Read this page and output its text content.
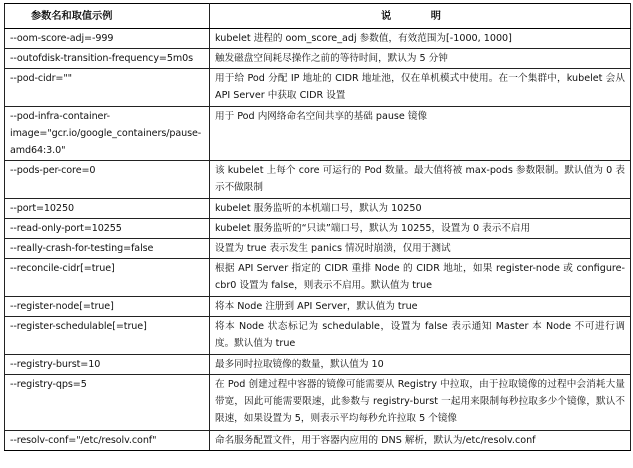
参数名和取值示例	说 明
--oom-score-adj=-999	kubelet 进程的 oom_score_adj 参数值，有效范围为[-1000, 1000]
--outofdisk-transition-frequency=5m0s	触发磁盘空间耗尽操作之前的等待时间，默认为 5 分钟
--pod-cidr=""	用于给 Pod 分配 IP 地址的 CIDR 地址池，仅在单机模式中使用。在一个集群中，kubelet 会从 API Server 中获取 CIDR 设置
--pod-infra-container-image="gcr.io/google_containers/pause-amd64:3.0"	用于 Pod 内网络命名空间共享的基础 pause 镜像
--pods-per-core=0	该 kubelet 上每个 core 可运行的 Pod 数量。最大值将被 max-pods 参数限制。默认值为 0 表示不做限制
--port=10250	kubelet 服务监听的本机端口号，默认为 10250
--read-only-port=10255	kubelet 服务监听的“只读”端口号，默认为 10255，设置为 0 表示不启用
--really-crash-for-testing=false	设置为 true 表示发生 panics 情况时崩溃，仅用于测试
--reconcile-cidr[=true]	根据 API Server 指定的 CIDR 重排 Node 的 CIDR 地址，如果 register-node 或 configure-cbr0 设置为 false，则表示不启用。默认值为 true
--register-node[=true]	将本 Node 注册到 API Server，默认值为 true
--register-schedulable[=true]	将本 Node 状态标记为 schedulable，设置为 false 表示通知 Master 本 Node 不可进行调度。默认值为 true
--registry-burst=10	最多同时拉取镜像的数量，默认值为 10
--registry-qps=5	在 Pod 创建过程中容器的镜像可能需要从 Registry 中拉取，由于拉取镜像的过程中会消耗大量带宽，因此可能需要限速，此参数与 registry-burst 一起用来限制每秒拉取多少个镜像，默认不限速，如果设置为 5，则表示平均每秒允许拉取 5 个镜像
--resolv-conf="/etc/resolv.conf"	命名服务配置文件，用于容器内应用的 DNS 解析，默认为/etc/resolv.conf
